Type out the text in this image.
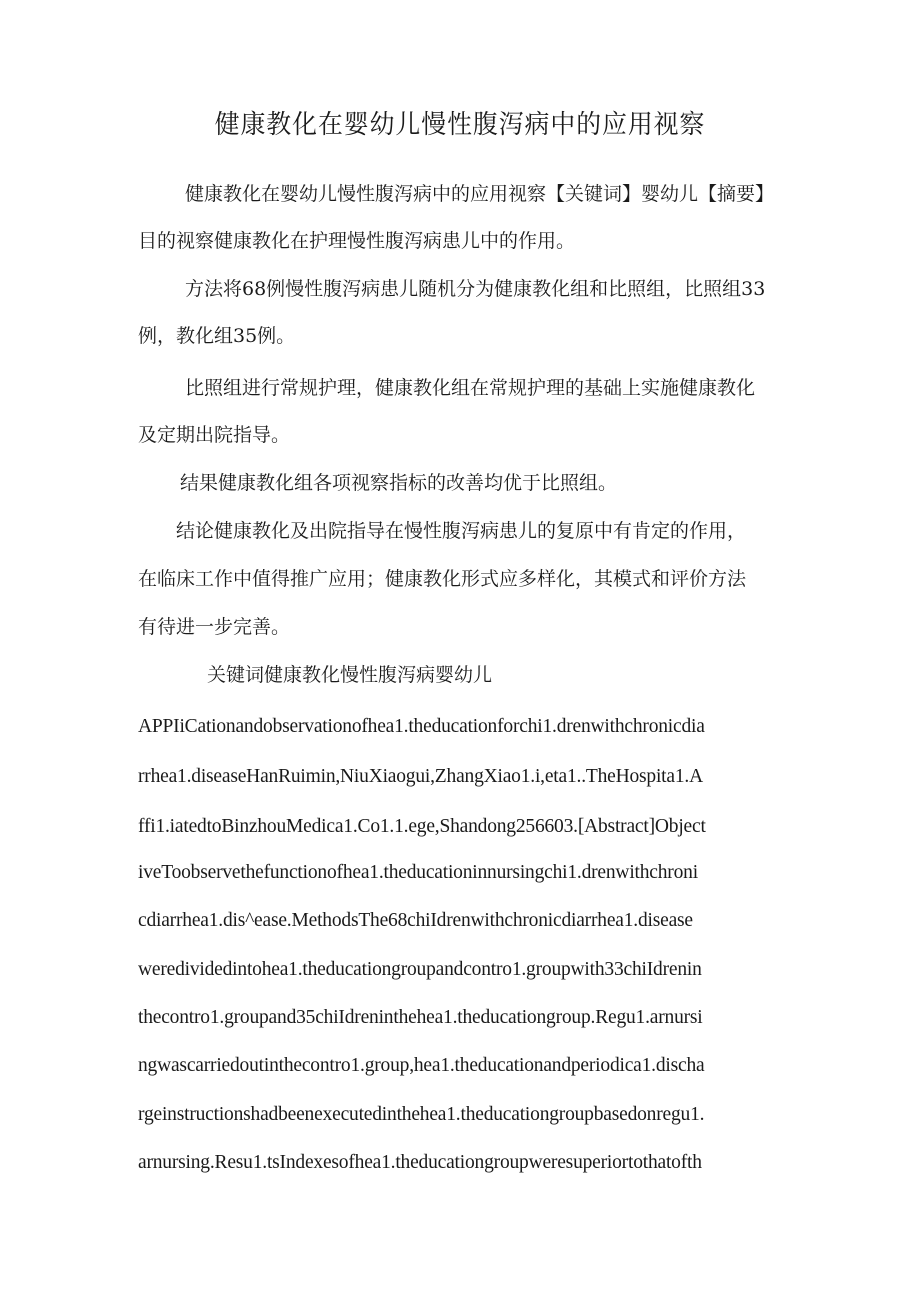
健康教化在婴幼儿慢性腹泻病中的应用视察
健康教化在婴幼儿慢性腹泻病中的应用视察【关键词】婴幼儿【摘要】
目的视察健康教化在护理慢性腹泻病患儿中的作用。
方法将68例慢性腹泻病患儿随机分为健康教化组和比照组，比照组33
例，教化组35例。
比照组进行常规护理，健康教化组在常规护理的基础上实施健康教化
及定期出院指导。
结果健康教化组各项视察指标的改善均优于比照组。
结论健康教化及出院指导在慢性腹泻病患儿的复原中有肯定的作用，
在临床工作中值得推广应用；健康教化形式应多样化，其模式和评价方法
有待进一步完善。
关键词健康教化慢性腹泻病婴幼儿
APPIiCationandobservationofhea1.theducationforchi1.drenwithchronicdia
rrhea1.diseaseHanRuimin,NiuXiaogui,ZhangXiao1.i,eta1..TheHospita1.A
ffi1.iatedtoBinzhouMedica1.Co1.1.ege,Shandong256603.[Abstract]Object
iveToobservethefunctionofhea1.theducationinnursingchi1.drenwithchroni
cdiarrhea1.dis^ease.MethodsThe68chiIdrenwithchronicdiarrhea1.disease
weredividedintohea1.theducationgroupandcontro1.groupwith33chiIdrenin
thecontro1.groupand35chiIdreninthehea1.theducationgroup.Regu1.arnursi
ngwascarriedoutinthecontro1.group,hea1.theducationandperiodica1.discha
rgeinstructionshadbeenexecutedinthehea1.theducationgroupbasedonregu1.
arnursing.Resu1.tsIndexesofhea1.theducationgroupweresuperiortothatofth
